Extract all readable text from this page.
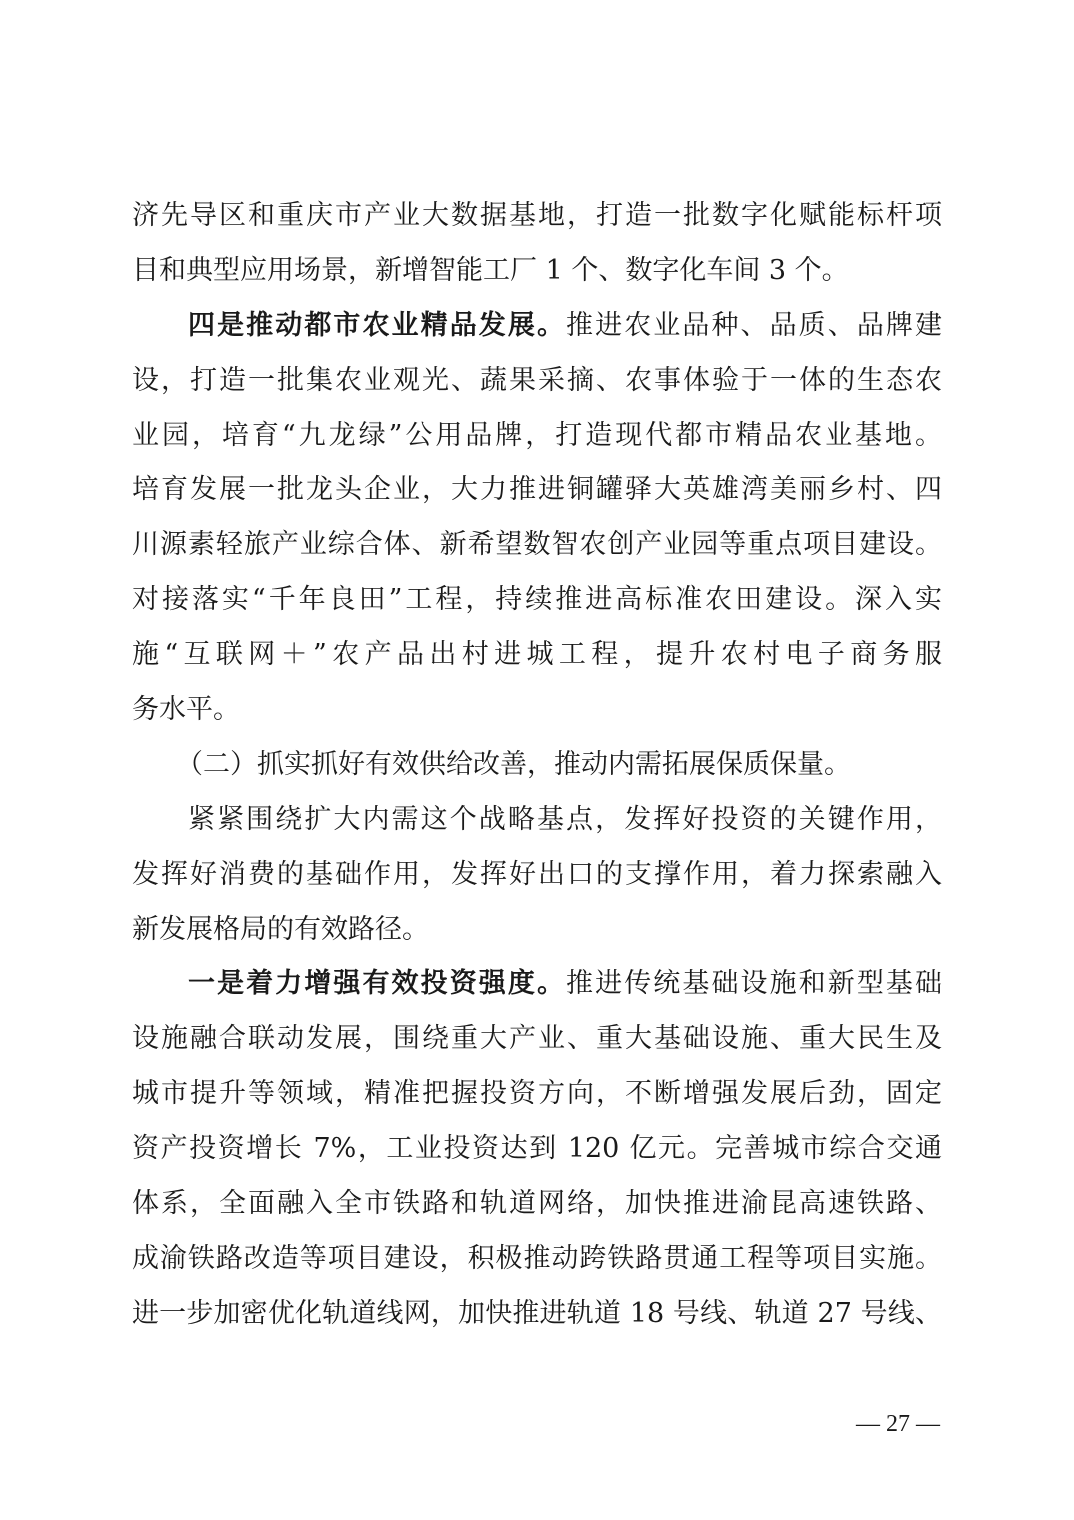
济先导区和重庆市产业大数据基地，打造一批数字化赋能标杆项
目和典型应用场景，新增智能工厂 1 个、数字化车间 3 个。
四是推动都市农业精品发展。推进农业品种、品质、品牌建
设，打造一批集农业观光、蔬果采摘、农事体验于一体的生态农
业园，培育“九龙绿”公用品牌，打造现代都市精品农业基地。
培育发展一批龙头企业，大力推进铜罐驿大英雄湾美丽乡村、四
川源素轻旅产业综合体、新希望数智农创产业园等重点项目建设。
对接落实“千年良田”工程，持续推进高标准农田建设。深入实
施“互联网＋”农产品出村进城工程，提升农村电子商务服
务水平。
（二）抓实抓好有效供给改善，推动内需拓展保质保量。
紧紧围绕扩大内需这个战略基点，发挥好投资的关键作用，
发挥好消费的基础作用，发挥好出口的支撑作用，着力探索融入
新发展格局的有效路径。
一是着力增强有效投资强度。推进传统基础设施和新型基础
设施融合联动发展，围绕重大产业、重大基础设施、重大民生及
城市提升等领域，精准把握投资方向，不断增强发展后劲，固定
资产投资增长 7%，工业投资达到 120 亿元。完善城市综合交通
体系，全面融入全市铁路和轨道网络，加快推进渝昆高速铁路、
成渝铁路改造等项目建设，积极推动跨铁路贯通工程等项目实施。
进一步加密优化轨道线网，加快推进轨道 18 号线、轨道 27 号线、
— 27 —
